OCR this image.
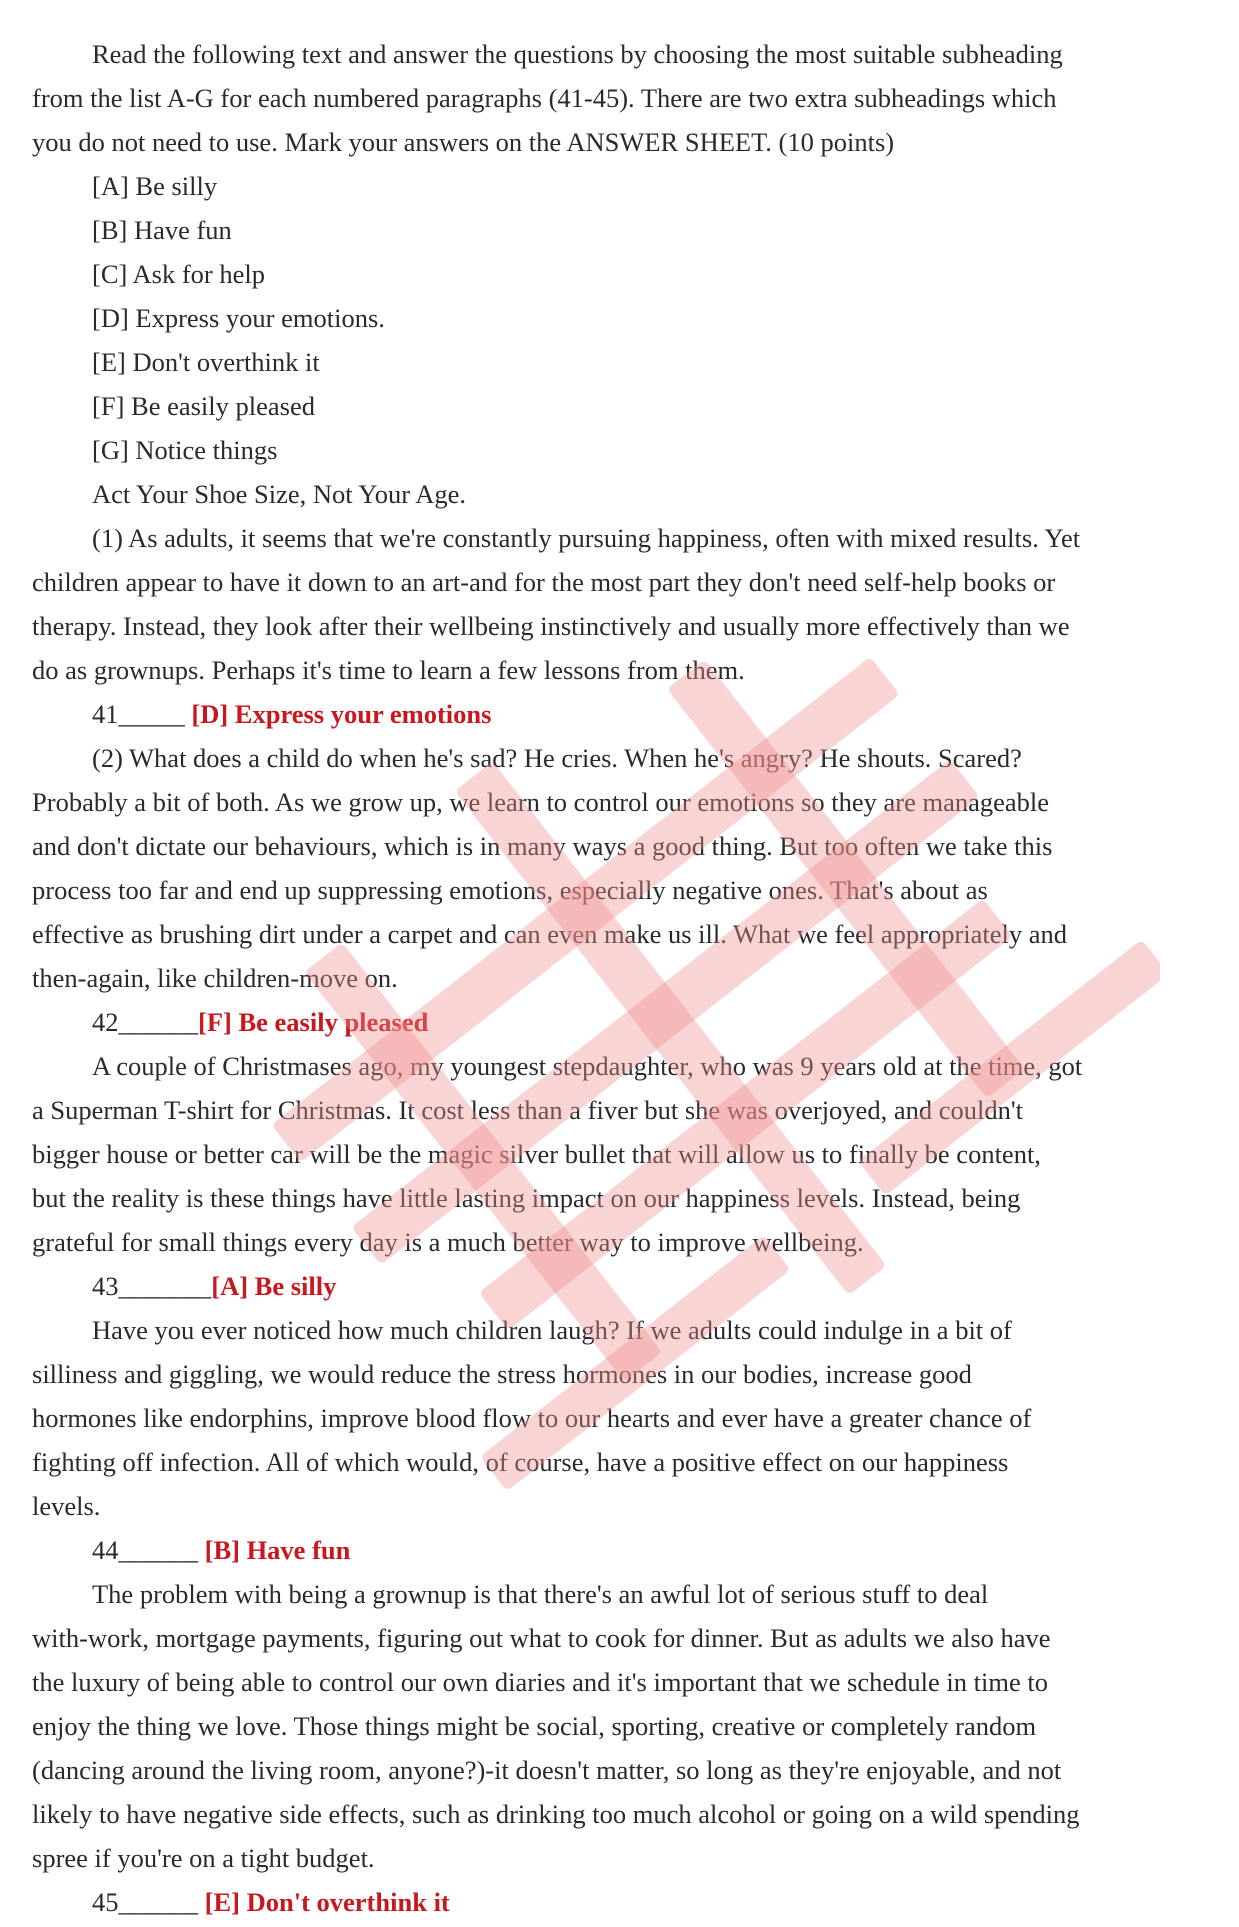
Read the following text and answer the questions by choosing the most suitable subheading
from the list A-G for each numbered paragraphs (41-45). There are two extra subheadings which
you do not need to use. Mark your answers on the ANSWER SHEET. (10 points)
[A] Be silly
[B] Have fun
[C] Ask for help
[D] Express your emotions.
[E] Don't overthink it
[F] Be easily pleased
[G] Notice things
Act Your Shoe Size, Not Your Age.
(1) As adults, it seems that we're constantly pursuing happiness, often with mixed results. Yet
children appear to have it down to an art-and for the most part they don't need self-help books or
therapy. Instead, they look after their wellbeing instinctively and usually more effectively than we
do as grownups. Perhaps it's time to learn a few lessons from them.
41_____ [D] Express your emotions
(2) What does a child do when he's sad? He cries. When he's angry? He shouts. Scared?
Probably a bit of both. As we grow up, we learn to control our emotions so they are manageable
and don't dictate our behaviours, which is in many ways a good thing. But too often we take this
process too far and end up suppressing emotions, especially negative ones. That's about as
effective as brushing dirt under a carpet and can even make us ill. What we feel appropriately and
then-again, like children-move on.
42______[F] Be easily pleased
A couple of Christmases ago, my youngest stepdaughter, who was 9 years old at the time, got
a Superman T-shirt for Christmas. It cost less than a fiver but she was overjoyed, and couldn't
bigger house or better car will be the magic silver bullet that will allow us to finally be content,
but the reality is these things have little lasting impact on our happiness levels. Instead, being
grateful for small things every day is a much better way to improve wellbeing.
43_______[A] Be silly
Have you ever noticed how much children laugh? If we adults could indulge in a bit of
silliness and giggling, we would reduce the stress hormones in our bodies, increase good
hormones like endorphins, improve blood flow to our hearts and ever have a greater chance of
fighting off infection. All of which would, of course, have a positive effect on our happiness
levels.
44______ [B] Have fun
The problem with being a grownup is that there's an awful lot of serious stuff to deal
with-work, mortgage payments, figuring out what to cook for dinner. But as adults we also have
the luxury of being able to control our own diaries and it's important that we schedule in time to
enjoy the thing we love. Those things might be social, sporting, creative or completely random
(dancing around the living room, anyone?)-it doesn't matter, so long as they're enjoyable, and not
likely to have negative side effects, such as drinking too much alcohol or going on a wild spending
spree if you're on a tight budget.
45______ [E] Don't overthink it
